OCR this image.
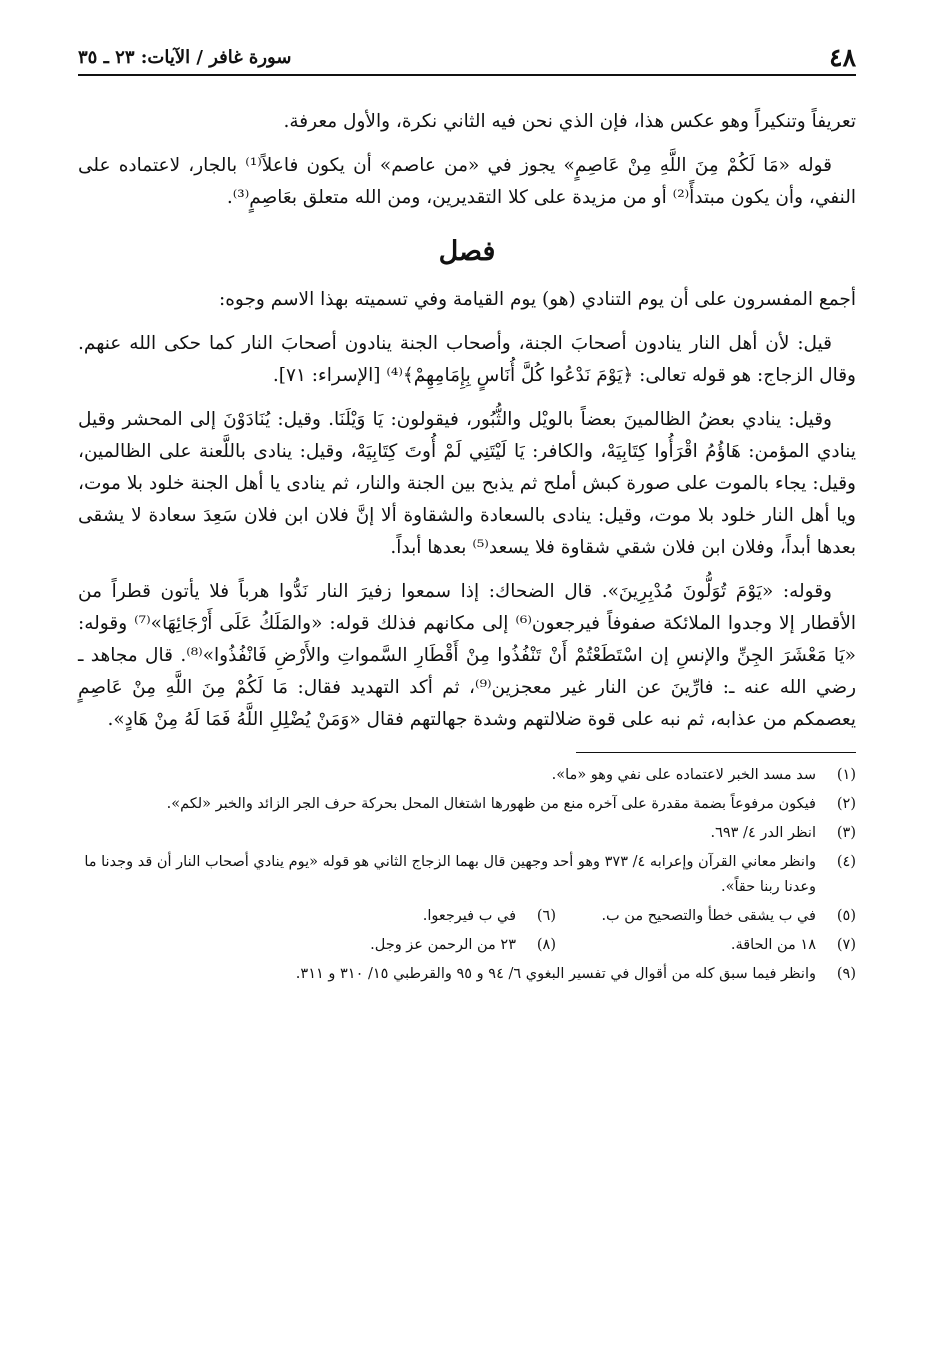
٤٨
سورة غافر / الآيات: ٢٣ ـ ٣٥

تعريفاً وتنكيراً وهو عكس هذا، فإن الذي نحن فيه الثاني نكرة، والأول معرفة.

قوله «مَا لَكُمْ مِنَ اللَّهِ مِنْ عَاصِمٍ» يجوز في «من عاصم» أن يكون فاعلاً⁽¹⁾ بالجار، لاعتماده على النفي، وأن يكون مبتدأً⁽²⁾ أو من مزيدة على كلا التقديرين، ومن الله متعلق بعَاصِمٍ⁽³⁾.

فصل

أجمع المفسرون على أن يوم التنادي (هو) يوم القيامة وفي تسميته بهذا الاسم وجوه:

قيل: لأن أهل النار ينادون أصحابَ الجنة، وأصحاب الجنة ينادون أصحابَ النار كما حكى الله عنهم. وقال الزجاج: هو قوله تعالى: ﴿يَوْمَ نَدْعُوا كُلَّ أُنَاسٍ بِإِمَامِهِمْ﴾⁽⁴⁾ [الإسراء: ٧١].

وقيل: ينادي بعضُ الظالمينَ بعضاً بالويْل والثُّبُور، فيقولون: يَا وَيْلَنَا. وقيل: يُنَادَوْنَ إلى المحشر وقيل ينادي المؤمن: هَاؤُمُ اقْرَأُوا كِتَابِيَهْ، والكافر: يَا لَيْتَنِي لَمْ أُوتَ كِتَابِيَهْ، وقيل: ينادى باللَّعنة على الظالمين، وقيل: يجاء بالموت على صورة كبش أملح ثم يذبح بين الجنة والنار، ثم ينادى يا أهل الجنة خلود بلا موت، ويا أهل النار خلود بلا موت، وقيل: ينادى بالسعادة والشقاوة ألا إنَّ فلان ابن فلان سَعِدَ سعادة لا يشقى بعدها أبداً، وفلان ابن فلان شقي شقاوة فلا يسعد⁽⁵⁾ بعدها أبداً.

وقوله: «يَوْمَ تُوَلُّونَ مُدْبِرِينَ». قال الضحاك: إذا سمعوا زفيرَ النار نَدُّوا هرباً فلا يأتون قطراً من الأقطار إلا وجدوا الملائكة صفوفاً فيرجعون⁽⁶⁾ إلى مكانهم فذلك قوله: «والمَلَكُ عَلَى أَرْجَائِهَا»⁽⁷⁾ وقوله: «يَا مَعْشَرَ الجِنِّ والإنسِ إن اسْتَطَعْتُمْ أَنْ تَنْفُذُوا مِنْ أَقْطَارِ السَّمواتِ والأَرْضِ فَانْفُذُوا»⁽⁸⁾. قال مجاهد ـ رضي الله عنه ـ: فارِّينَ عن النار غير معجزين⁽⁹⁾، ثم أكد التهديد فقال: مَا لَكُمْ مِنَ اللَّهِ مِنْ عَاصِمٍ يعصمكم من عذابه، ثم نبه على قوة ضلالتهم وشدة جهالتهم فقال «وَمَنْ يُضْلِلِ اللَّهُ فَمَا لَهُ مِنْ هَادٍ».

(١)
سد مسد الخبر لاعتماده على نفي وهو «ما».
(٢)
فيكون مرفوعاً بضمة مقدرة على آخره منع من ظهورها اشتغال المحل بحركة حرف الجر الزائد والخبر «لكم».
(٣)
انظر الدر ٤/ ٦٩٣.
(٤)
وانظر معاني القرآن وإعرابه ٤/ ٣٧٣ وهو أحد وجهين قال بهما الزجاج الثاني هو قوله «يوم ينادي أصحاب النار أن قد وجدنا ما وعدنا ربنا حقاً».
(٥)
في ب يشقى خطأ والتصحيح من ب.
(٦)
في ب فيرجعوا.
(٧)
١٨ من الحاقة.
(٨)
٢٣ من الرحمن عز وجل.
(٩)
وانظر فيما سبق كله من أقوال في تفسير البغوي ٦/ ٩٤ و ٩٥ والقرطبي ١٥/ ٣١٠ و ٣١١.
